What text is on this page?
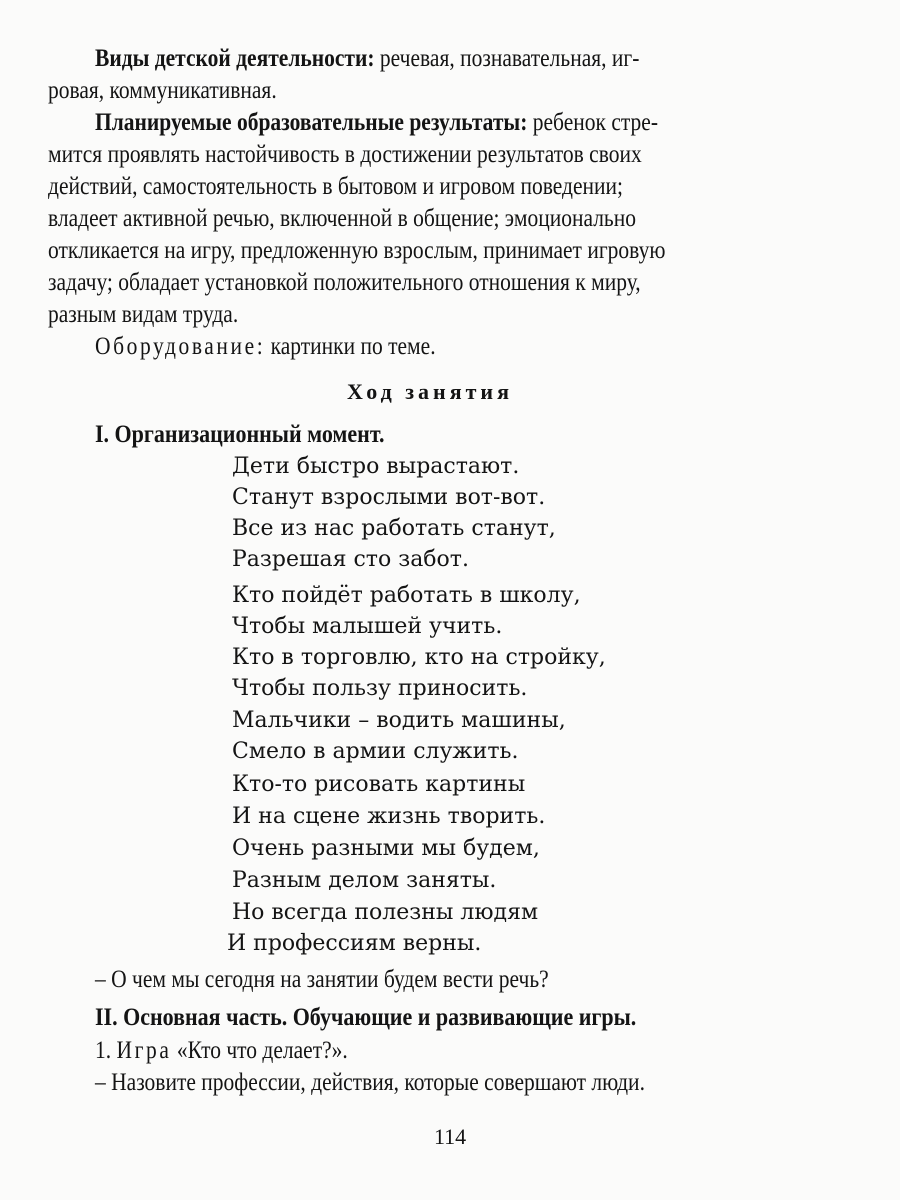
Виды детской деятельности: речевая, познавательная, иг-
ровая, коммуникативная.
Планируемые образовательные результаты: ребенок стре-
мится проявлять настойчивость в достижении результатов своих
действий, самостоятельность в бытовом и игровом поведении;
владеет активной речью, включенной в общение; эмоционально
откликается на игру, предложенную взрослым, принимает игровую
задачу; обладает установкой положительного отношения к миру,
разным видам труда.
Оборудование: картинки по теме.
Ход занятия
I. Организационный момент.
Дети быстро вырастают.
Станут взрослыми вот-вот.
Все из нас работать станут,
Разрешая сто забот.
Кто пойдёт работать в школу,
Чтобы малышей учить.
Кто в торговлю, кто на стройку,
Чтобы пользу приносить.
Мальчики – водить машины,
Смело в армии служить.
Кто-то рисовать картины
И на сцене жизнь творить.
Очень разными мы будем,
Разным делом заняты.
Но всегда полезны людям
И профессиям верны.
– О чем мы сегодня на занятии будем вести речь?
II. Основная часть. Обучающие и развивающие игры.
1. Игра «Кто что делает?».
– Назовите профессии, действия, которые совершают люди.
114
